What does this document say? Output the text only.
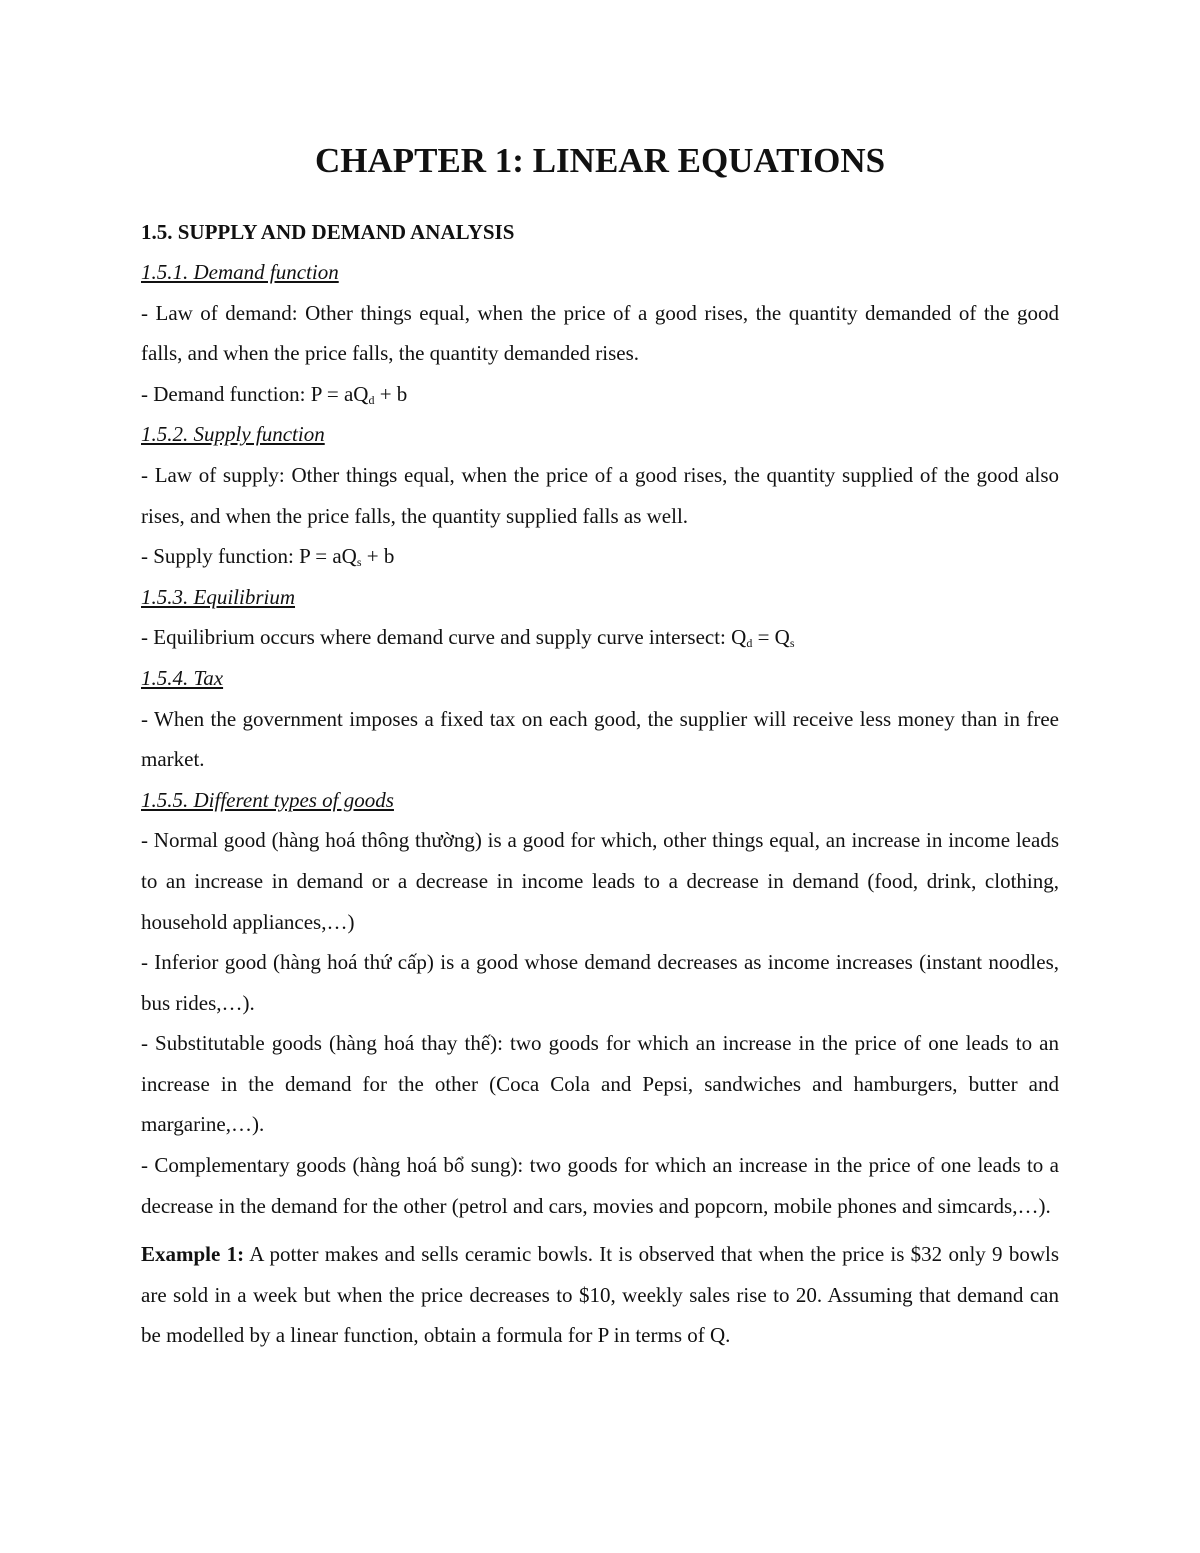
CHAPTER 1: LINEAR EQUATIONS
1.5. SUPPLY AND DEMAND ANALYSIS

1.5.1. Demand function

- Law of demand: Other things equal, when the price of a good rises, the quantity demanded of the good falls, and when the price falls, the quantity demanded rises.

- Demand function: $P = aQ_d + b$

1.5.2. Supply function

- Law of supply: Other things equal, when the price of a good rises, the quantity supplied of the good also rises, and when the price falls, the quantity supplied falls as well.

- Supply function: $P = aQ_s + b$

1.5.3. Equilibrium

- Equilibrium occurs where demand curve and supply curve intersect: $Q_d = Q_s$

1.5.4. Tax

- When the government imposes a fixed tax on each good, the supplier will receive less money than in free market.

1.5.5. Different types of goods

- Normal good (hàng hoá thông thường) is a good for which, other things equal, an increase in income leads to an increase in demand or a decrease in income leads to a decrease in demand (food, drink, clothing, household appliances,…)

- Inferior good (hàng hoá thứ cấp) is a good whose demand decreases as income increases (instant noodles, bus rides,…).

- Substitutable goods (hàng hoá thay thế): two goods for which an increase in the price of one leads to an increase in the demand for the other (Coca Cola and Pepsi, sandwiches and hamburgers, butter and margarine,…).

- Complementary goods (hàng hoá bổ sung): two goods for which an increase in the price of one leads to a decrease in the demand for the other (petrol and cars, movies and popcorn, mobile phones and simcards,…).

Example 1: A potter makes and sells ceramic bowls. It is observed that when the price is $32 only 9 bowls are sold in a week but when the price decreases to $10, weekly sales rise to 20. Assuming that demand can be modelled by a linear function, obtain a formula for P in terms of Q.
